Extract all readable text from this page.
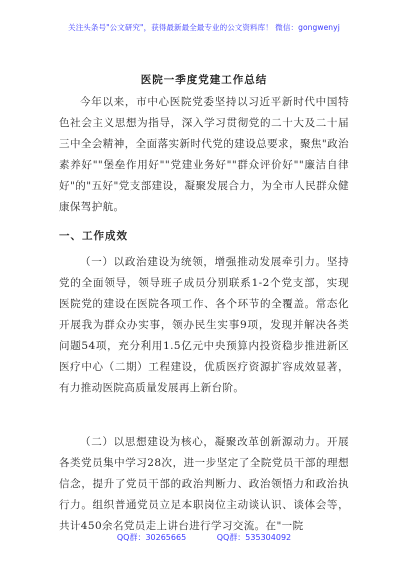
关注头条号"公文研究"，获得最新最全最专业的公文资料库！ 微信：gongwenyj
医院一季度党建工作总结
今年以来，市中心医院党委坚持以习近平新时代中国特色社会主义思想为指导，深入学习贯彻党的二十大及二十届三中全会精神，全面落实新时代党的建设总要求，聚焦"政治素养好""堡垒作用好""党建业务好""群众评价好""廉洁自律好"的"五好"党支部建设，凝聚发展合力，为全市人民群众健康保驾护航。
一、工作成效
（一）以政治建设为统领，增强推动发展牵引力。坚持党的全面领导，领导班子成员分别联系1-2个党支部，实现医院党的建设在医院各项工作、各个环节的全覆盖。常态化开展我为群众办实事，领办民生实事9项，发现并解决各类问题54项，充分利用1.5亿元中央预算内投资稳步推进新区医疗中心（二期）工程建设，优质医疗资源扩容成效显著，有力推动医院高质量发展再上新台阶。
（二）以思想建设为核心，凝聚改革创新源动力。开展各类党员集中学习28次，进一步坚定了全院党员干部的理想信念，提升了党员干部的政治判断力、政治领悟力和政治执行力。组织普通党员立足本职岗位主动谈认识、谈体会等，共计450余名党员走上讲台进行学习交流。在"一院
QQ群：30265665	QQ群：535304092
